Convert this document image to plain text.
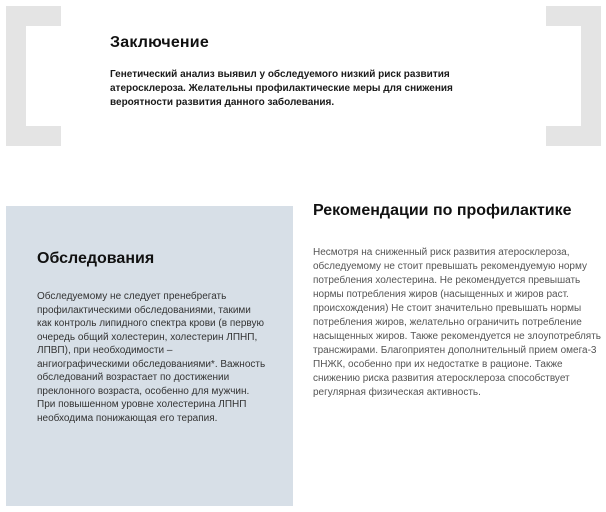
Заключение

Генетический анализ выявил у обследуемого низкий риск развития атеросклероза. Желательны профилактические меры для снижения вероятности развития данного заболевания.

Обследования

Обследуемому не следует пренебрегать профилактическими обследованиями, такими как контроль липидного спектра крови (в первую очередь общий холестерин, холестерин ЛПНП, ЛПВП), при необходимости – ангиографическими обследованиями*. Важность обследований возрастает по достижении преклонного возраста, особенно для мужчин. При повышенном уровне холестерина ЛПНП необходима понижающая его терапия.

Рекомендации по профилактике

Несмотря на сниженный риск развития атеросклероза, обследуемому не стоит превышать рекомендуемую норму потребления холестерина. Не рекомендуется превышать нормы потребления жиров (насыщенных и жиров раст. происхождения) Не стоит значительно превышать нормы потребления жиров, желательно ограничить потребление насыщенных жиров. Также рекомендуется не злоупотреблять трансжирами. Благоприятен дополнительный прием омега-3 ПНЖК, особенно при их недостатке в рационе. Также снижению риска развития атеросклероза способствует регулярная физическая активность.
